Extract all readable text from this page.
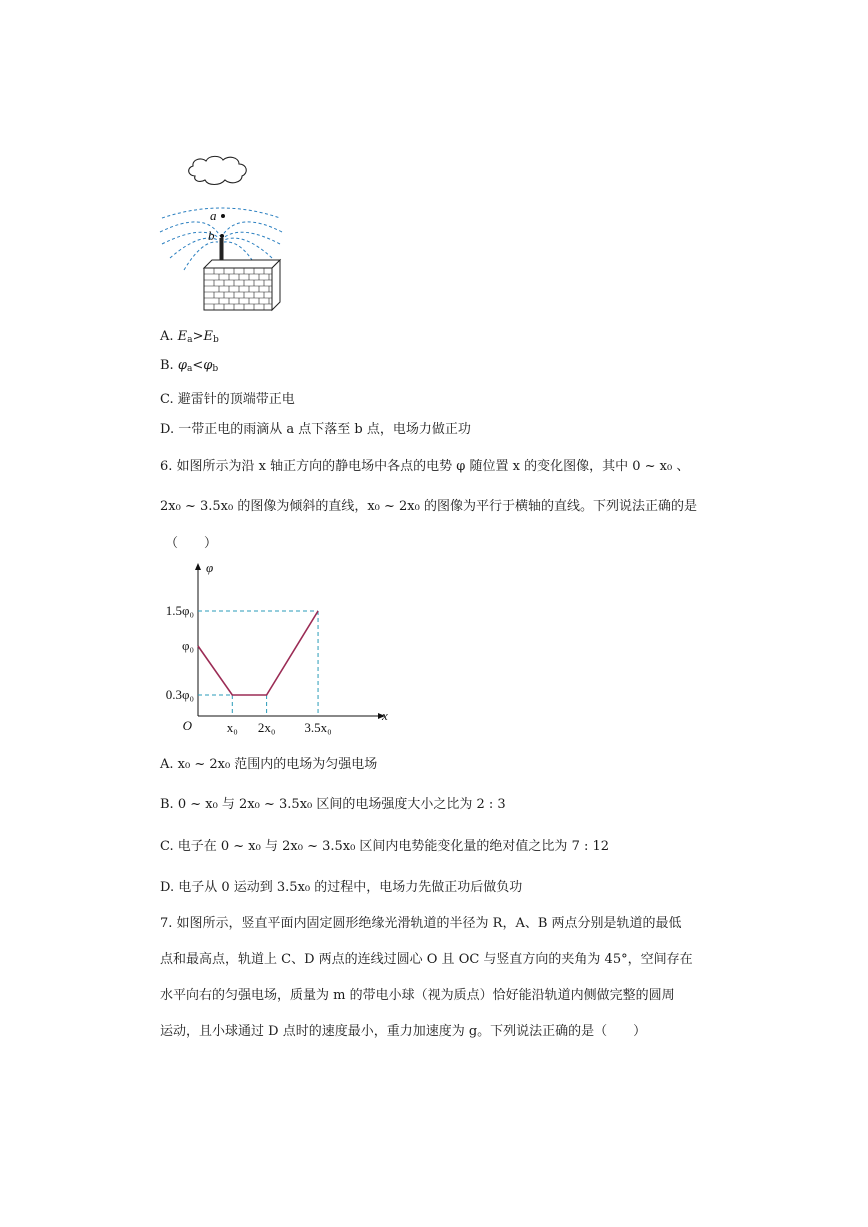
a
b
A. $E_a>E_b$
B. $\varphi_a<\varphi_b$
C. 避雷针的顶端带正电
D. 一带正电的雨滴从 a 点下落至 b 点，电场力做正功
6. 如图所示为沿 x 轴正方向的静电场中各点的电势 φ 随位置 x 的变化图像，其中 0 ~ x₀ 、
2x₀ ~ 3.5x₀ 的图像为倾斜的直线，x₀ ~ 2x₀ 的图像为平行于横轴的直线。下列说法正确的是
（　　）
φ
x
O
1.5φ₀
φ₀
0.3φ₀
x₀ 2x₀ 3.5x₀
A. x₀ ~ 2x₀ 范围内的电场为匀强电场
B. 0 ~ x₀ 与 2x₀ ~ 3.5x₀ 区间的电场强度大小之比为 2 : 3
C. 电子在 0 ~ x₀ 与 2x₀ ~ 3.5x₀ 区间内电势能变化量的绝对值之比为 7 : 12
D. 电子从 0 运动到 3.5x₀ 的过程中，电场力先做正功后做负功
7. 如图所示，竖直平面内固定圆形绝缘光滑轨道的半径为 R，A、B 两点分别是轨道的最低
点和最高点，轨道上 C、D 两点的连线过圆心 O 且 OC 与竖直方向的夹角为 45°，空间存在
水平向右的匀强电场，质量为 m 的带电小球（视为质点）恰好能沿轨道内侧做完整的圆周
运动，且小球通过 D 点时的速度最小，重力加速度为 g。下列说法正确的是（　　）
